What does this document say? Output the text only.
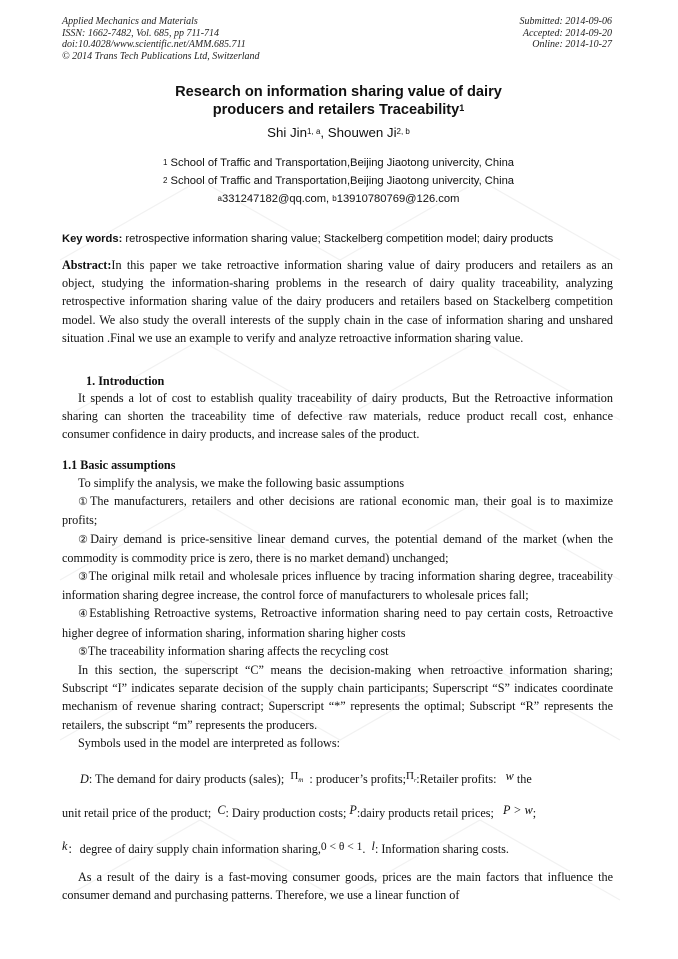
Applied Mechanics and Materials
ISSN: 1662-7482, Vol. 685, pp 711-714
doi:10.4028/www.scientific.net/AMM.685.711
© 2014 Trans Tech Publications Ltd, Switzerland
Submitted: 2014-09-06
Accepted: 2014-09-20
Online: 2014-10-27
Research on information sharing value of dairy
producers and retailers Traceability$^1$
Shi Jin$^{1, a}$, Shouwen Ji$^{2, b}$
$^1$ School of Traffic and Transportation,Beijing Jiaotong univercity, China
$^2$ School of Traffic and Transportation,Beijing Jiaotong univercity, China
$^a$331247182@qq.com, $^b$13910780769@126.com
Key words: retrospective information sharing value; Stackelberg competition model; dairy products

Abstract:In this paper we take retroactive information sharing value of dairy producers and retailers as an object, studying the information-sharing problems in the research of dairy quality traceability, analyzing retrospective information sharing value of the dairy producers and retailers based on Stackelberg competition model. We also study the overall interests of the supply chain in the case of information sharing and unshared situation .Final we use an example to verify and analyze retroactive information sharing value.

1. Introduction

It spends a lot of cost to establish quality traceability of dairy products, But the Retroactive information sharing can shorten the traceability time of defective raw materials, reduce product recall cost, enhance consumer confidence in dairy products, and increase sales of the product.

1.1 Basic assumptions

To simplify the analysis, we make the following basic assumptions

①The manufacturers, retailers and other decisions are rational economic man, their goal is to maximize profits;

②Dairy demand is price-sensitive linear demand curves, the potential demand of the market (when the commodity is commodity price is zero, there is no market demand) unchanged;

③The original milk retail and wholesale prices influence by tracing information sharing degree, traceability information sharing degree increase, the control force of manufacturers to wholesale prices fall;

④Establishing Retroactive systems, Retroactive information sharing need to pay certain costs, Retroactive higher degree of information sharing, information sharing higher costs

⑤The traceability information sharing affects the recycling cost

In this section, the superscript “C” means the decision-making when retroactive information sharing; Subscript “I” indicates separate decision of the supply chain participants; Superscript “S” indicates coordinate mechanism of revenue sharing contract; Superscript “*” represents the optimal; Subscript “R” represents the retailers, the subscript “m” represents the producers.

Symbols used in the model are interpreted as follows:

D: The demand for dairy products (sales); $\Pi_m$ : producer’s $profits;\Pi_r:Retailer$ profits: w the
unit retail price of the product; C: Dairy production costs; P:dairy products retail prices; P > w;
k：degree of dairy supply chain information sharing,0 < θ < 1. l: Information sharing costs.

As a result of the dairy is a fast-moving consumer goods, prices are the main factors that influence the consumer demand and purchasing patterns. Therefore, we use a linear function of
